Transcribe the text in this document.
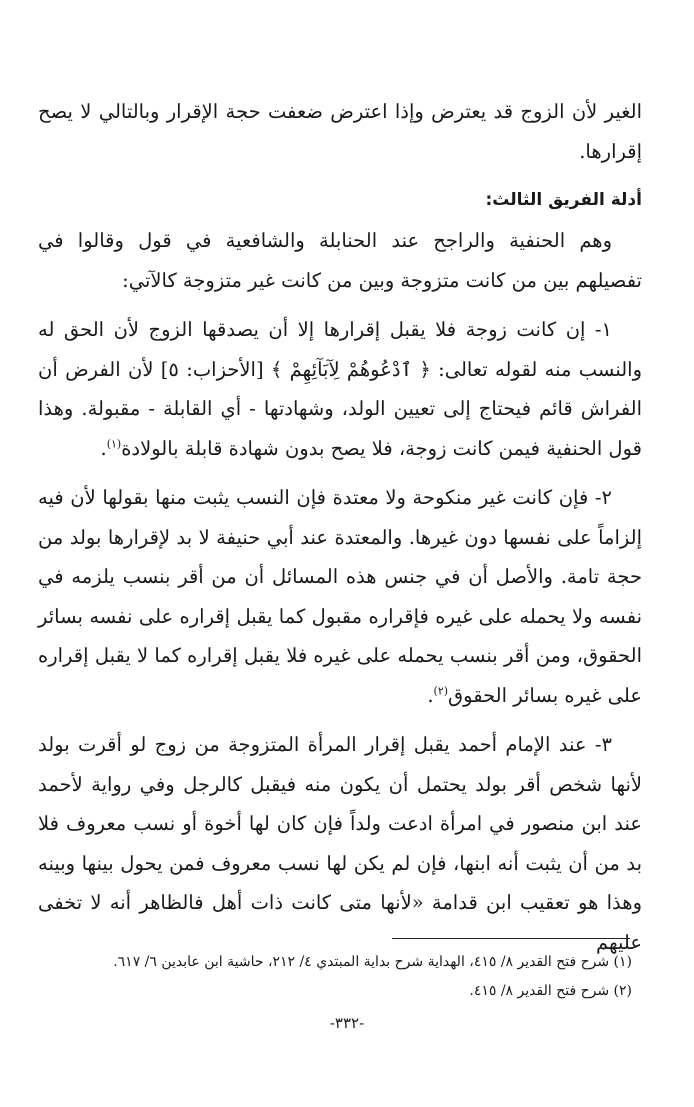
الغير لأن الزوج قد يعترض وإذا اعترض ضعفت حجة الإقرار وبالتالي لا يصح إقرارها.

أدلة الفريق الثالث:

وهم الحنفية والراجح عند الحنابلة والشافعية في قول وقالوا في تفصيلهم بين من كانت متزوجة وبين من كانت غير متزوجة كالآتي:

١- إن كانت زوجة فلا يقبل إقرارها إلا أن يصدقها الزوج لأن الحق له والنسب منه لقوله تعالى: ﴿ ٱدْعُوهُمْ لِآبَآئِهِمْ ﴾ [الأحزاب: ٥] لأن الفرض أن الفراش قائم فيحتاج إلى تعيين الولد، وشهادتها - أي القابلة - مقبولة. وهذا قول الحنفية فيمن كانت زوجة، فلا يصح بدون شهادة قابلة بالولادة$^{(١)}$.

٢- فإن كانت غير منكوحة ولا معتدة فإن النسب يثبت منها بقولها لأن فيه إلزاماً على نفسها دون غيرها. والمعتدة عند أبي حنيفة لا بد لإقرارها بولد من حجة تامة. والأصل أن في جنس هذه المسائل أن من أقر بنسب يلزمه في نفسه ولا يحمله على غيره فإقراره مقبول كما يقبل إقراره على نفسه بسائر الحقوق، ومن أقر بنسب يحمله على غيره فلا يقبل إقراره كما لا يقبل إقراره على غيره بسائر الحقوق$^{(٢)}$.

٣- عند الإمام أحمد يقبل إقرار المرأة المتزوجة من زوج لو أقرت بولد لأنها شخص أقر بولد يحتمل أن يكون منه فيقبل كالرجل وفي رواية لأحمد عند ابن منصور في امرأة ادعت ولداً فإن كان لها أخوة أو نسب معروف فلا بد من أن يثبت أنه ابنها، فإن لم يكن لها نسب معروف فمن يحول بينها وبينه وهذا هو تعقيب ابن قدامة «لأنها متى كانت ذات أهل فالظاهر أنه لا تخفى عليهم

(١) شرح فتح القدير ٨/ ٤١٥، الهداية شرح بداية المبتدي ٤/ ٢١٢، حاشية ابن عابدين ٦/ ٦١٧.

(٢) شرح فتح القدير ٨/ ٤١٥.

-٣٣٢-
